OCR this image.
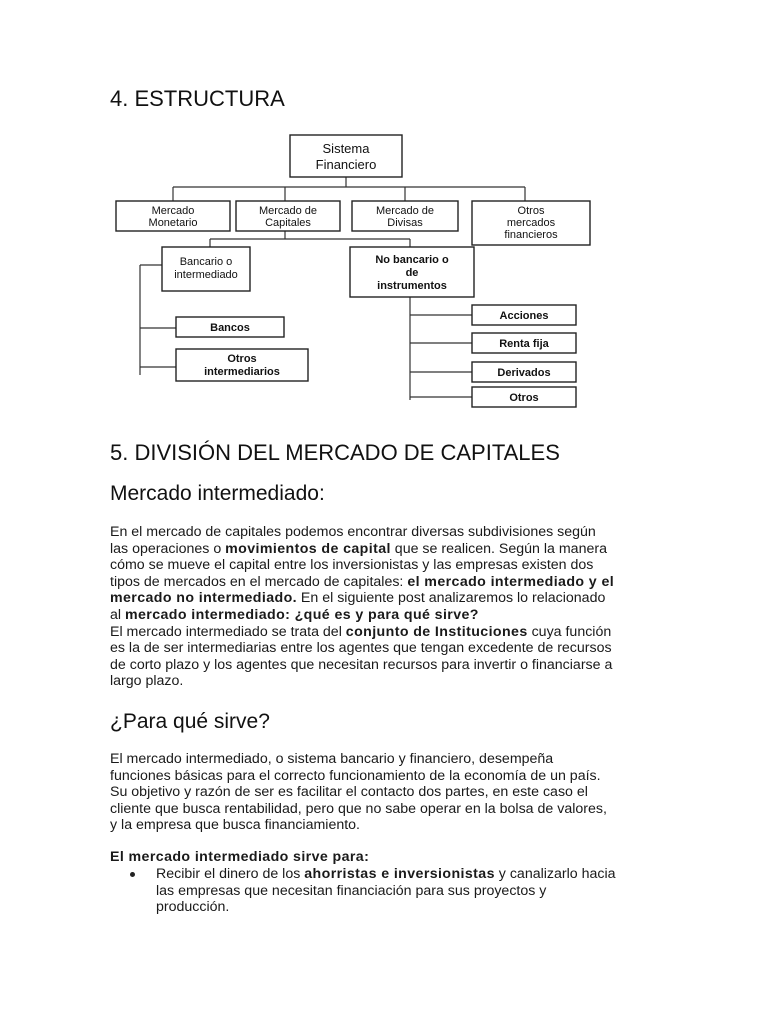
4. ESTRUCTURA
Sistema
Financiero
Mercado
Monetario
Mercado de
Capitales
Mercado de
Divisas
Otros
mercados
financieros
Bancario o
intermediado
No bancario o
de
instrumentos
Bancos
Otros
intermediarios
Acciones
Renta fija
Derivados
Otros
5. DIVISIÓN DEL MERCADO DE CAPITALES
Mercado intermediado:
En el mercado de capitales podemos encontrar diversas subdivisiones según
las operaciones o movimientos de capital que se realicen. Según la manera
cómo se mueve el capital entre los inversionistas y las empresas existen dos
tipos de mercados en el mercado de capitales: el mercado intermediado y el
mercado no intermediado. En el siguiente post analizaremos lo relacionado
al mercado intermediado: ¿qué es y para qué sirve?
El mercado intermediado se trata del conjunto de Instituciones cuya función
es la de ser intermediarias entre los agentes que tengan excedente de recursos
de corto plazo y los agentes que necesitan recursos para invertir o financiarse a
largo plazo.
¿Para qué sirve?
El mercado intermediado, o sistema bancario y financiero, desempeña
funciones básicas para el correcto funcionamiento de la economía de un país.
Su objetivo y razón de ser es facilitar el contacto dos partes, en este caso el
cliente que busca rentabilidad, pero que no sabe operar en la bolsa de valores,
y la empresa que busca financiamiento.

El mercado intermediado sirve para:

Recibir el dinero de los ahorristas e inversionistas y canalizarlo hacia
las empresas que necesitan financiación para sus proyectos y
producción.
